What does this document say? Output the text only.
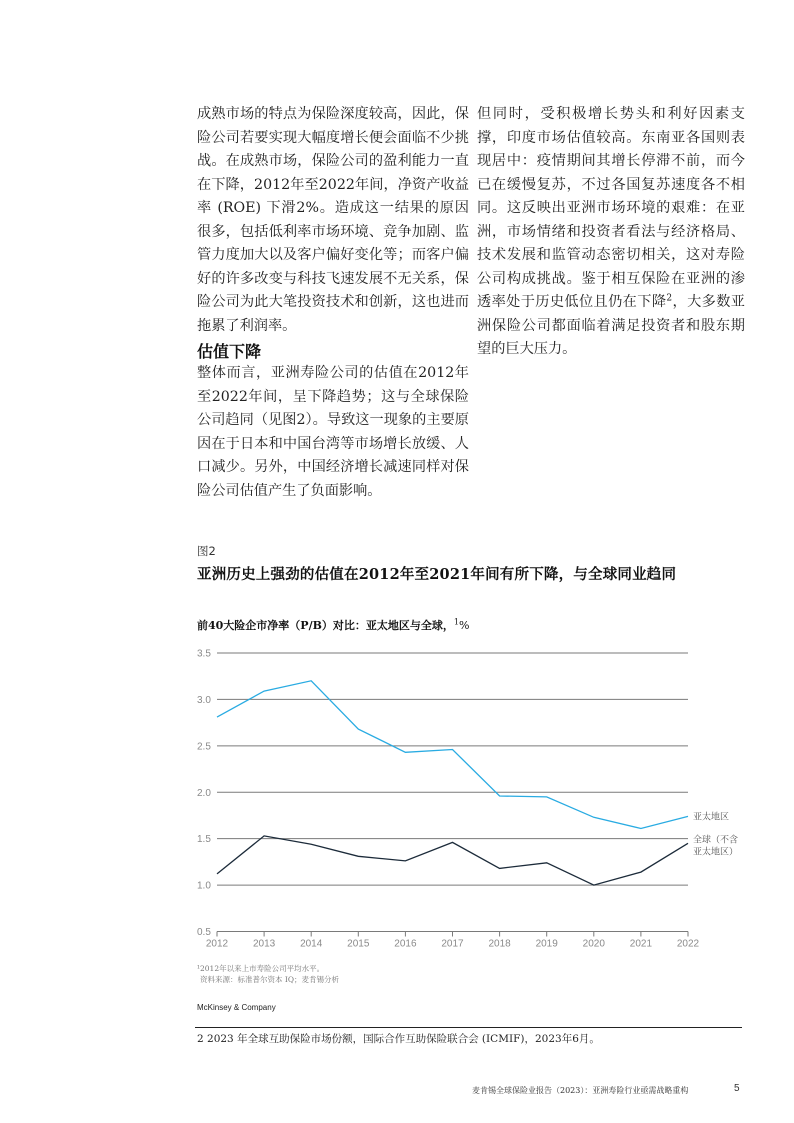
成熟市场的特点为保险深度较高，因此，保险公司若要实现大幅度增长便会面临不少挑战。在成熟市场，保险公司的盈利能力一直在下降，2012年至2022年间，净资产收益率 (ROE) 下滑2%。造成这一结果的原因很多，包括低利率市场环境、竞争加剧、监管力度加大以及客户偏好变化等；而客户偏好的许多改变与科技飞速发展不无关系，保险公司为此大笔投资技术和创新，这也进而拖累了利润率。

但同时，受积极增长势头和利好因素支撑，印度市场估值较高。东南亚各国则表现居中：疫情期间其增长停滞不前，而今已在缓慢复苏，不过各国复苏速度各不相同。这反映出亚洲市场环境的艰难：在亚洲，市场情绪和投资者看法与经济格局、技术发展和监管动态密切相关，这对寿险公司构成挑战。鉴于相互保险在亚洲的渗透率处于历史低位且仍在下降$^2$，大多数亚洲保险公司都面临着满足投资者和股东期望的巨大压力。

估值下降
整体而言，亚洲寿险公司的估值在2012年至2022年间，呈下降趋势；这与全球保险公司趋同（见图2）。导致这一现象的主要原因在于日本和中国台湾等市场增长放缓、人口减少。另外，中国经济增长减速同样对保险公司估值产生了负面影响。
图2
亚洲历史上强劲的估值在2012年至2021年间有所下降，与全球同业趋同
前40大险企市净率（P/B）对比：亚太地区与全球，$^1$%
0.5
1.0
1.5
2.0
2.5
3.0
3.5
2012 2013 2014 2015 2016 2017 2018 2019 2020 2021 2022
亚太地区
全球（不含
亚太地区）
¹2012年以来上市寿险公司平均水平。
资料来源：标准普尔资本 IQ；麦肯锡分析
McKinsey & Company
2 2023 年全球互助保险市场份额，国际合作互助保险联合会 (ICMIF)，2023年6月。
麦肯锡全球保险业报告（2023）：亚洲寿险行业亟需战略重构	5
